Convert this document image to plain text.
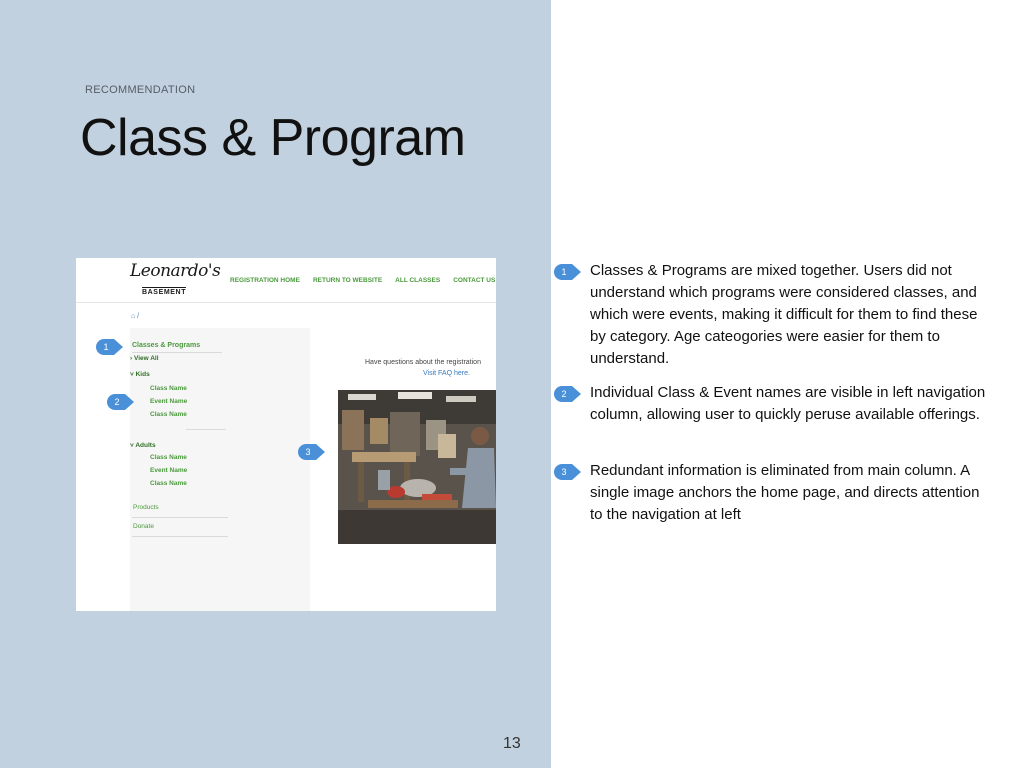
RECOMMENDATION
Class & Program
Leonardo's
BASEMENT
REGISTRATION HOME RETURN TO WEBSITE ALL CLASSES CONTACT US
⌂ /
Classes & Programs
› View All
˅ Kids
Class Name
Event Name
Class Name
˅ Adults
Class Name
Event Name
Class Name
Products
Donate
Have questions about the registration
Visit FAQ here.
1
2
3
1	Classes & Programs are mixed together. Users did not understand which programs were considered classes, and which were events, making it difficult for them to find these by category. Age cateogories were easier for them to understand.
2	Individual Class & Event names are visible in left navigation column, allowing user to quickly peruse available offerings.
3	Redundant information is eliminated from main column. A single image anchors the home page, and directs attention to the navigation at left
13
